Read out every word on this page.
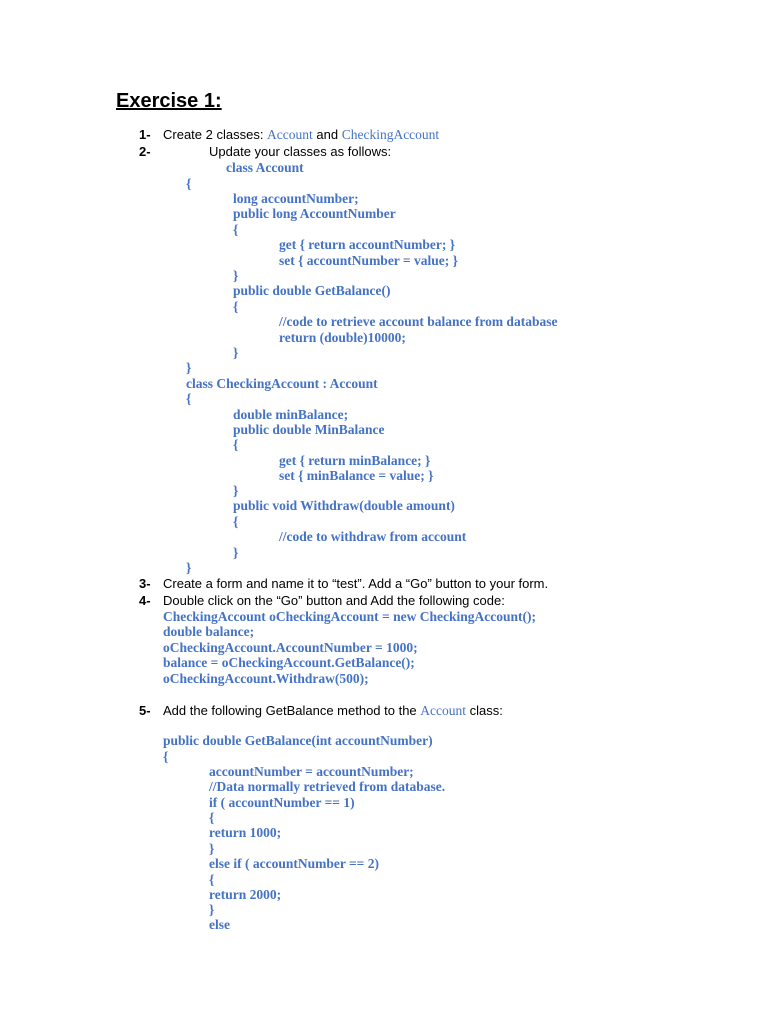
Exercise 1:
1- Create 2 classes: Account and CheckingAccount
2-	Update your classes as follows:
class Account
{
long accountNumber;
public long AccountNumber
{
get { return accountNumber; }
set { accountNumber = value; }
}
public double GetBalance()
{
//code to retrieve account balance from database
return (double)10000;
}
}
class CheckingAccount : Account
{
double minBalance;
public double MinBalance
{
get { return minBalance; }
set { minBalance = value; }
}
public void Withdraw(double amount)
{
//code to withdraw from account
}
}
3- Create a form and name it to “test”. Add a “Go” button to your form.
4- Double click on the “Go” button and Add the following code:
CheckingAccount oCheckingAccount = new CheckingAccount();
double balance;
oCheckingAccount.AccountNumber = 1000;
balance = oCheckingAccount.GetBalance();
oCheckingAccount.Withdraw(500);
5- Add the following GetBalance method to the Account class:
public double GetBalance(int accountNumber)
{
accountNumber = accountNumber;
//Data normally retrieved from database.
if ( accountNumber == 1)
{
return 1000;
}
else if ( accountNumber == 2)
{
return 2000;
}
else
